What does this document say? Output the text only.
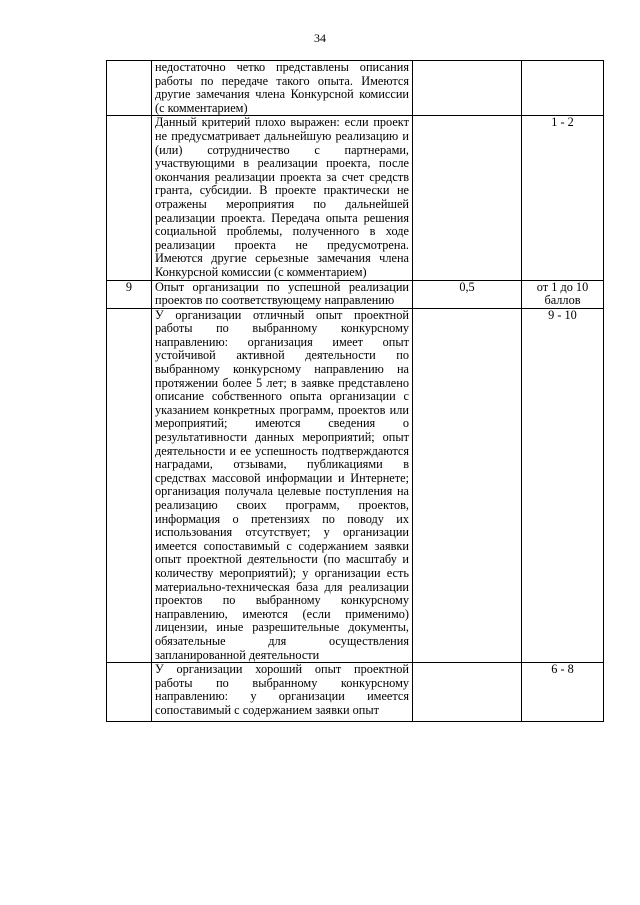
34
	недостаточно четко представлены описания работы по передаче такого опыта. Имеются другие замечания члена Конкурсной комиссии (с комментарием)		
	Данный критерий плохо выражен: если проект не предусматривает дальнейшую реализацию и (или) сотрудничество с партнерами, участвующими в реализации проекта, после окончания реализации проекта за счет средств гранта, субсидии. В проекте практически не отражены мероприятия по дальнейшей реализации проекта. Передача опыта решения социальной проблемы, полученного в ходе реализации проекта не предусмотрена. Имеются другие серьезные замечания члена Конкурсной комиссии (с комментарием)		1 - 2
9	Опыт организации по успешной реализации проектов по соответствующему направлению	0,5	от 1 до 10 баллов
	У организации отличный опыт проектной работы по выбранному конкурсному направлению: организация имеет опыт устойчивой активной деятельности по выбранному конкурсному направлению на протяжении более 5 лет; в заявке представлено описание собственного опыта организации с указанием конкретных программ, проектов или мероприятий; имеются сведения о результативности данных мероприятий; опыт деятельности и ее успешность подтверждаются наградами, отзывами, публикациями в средствах массовой информации и Интернете; организация получала целевые поступления на реализацию своих программ, проектов, информация о претензиях по поводу их использования отсутствует; у организации имеется сопоставимый с содержанием заявки опыт проектной деятельности (по масштабу и количеству мероприятий); у организации есть материально-техническая база для реализации проектов по выбранному конкурсному направлению, имеются (если применимо) лицензии, иные разрешительные документы, обязательные для осуществления запланированной деятельности		9 - 10

	У организации хороший опыт проектной работы по выбранному конкурсному направлению: у организации имеется сопоставимый с содержанием заявки опыт		6 - 8
